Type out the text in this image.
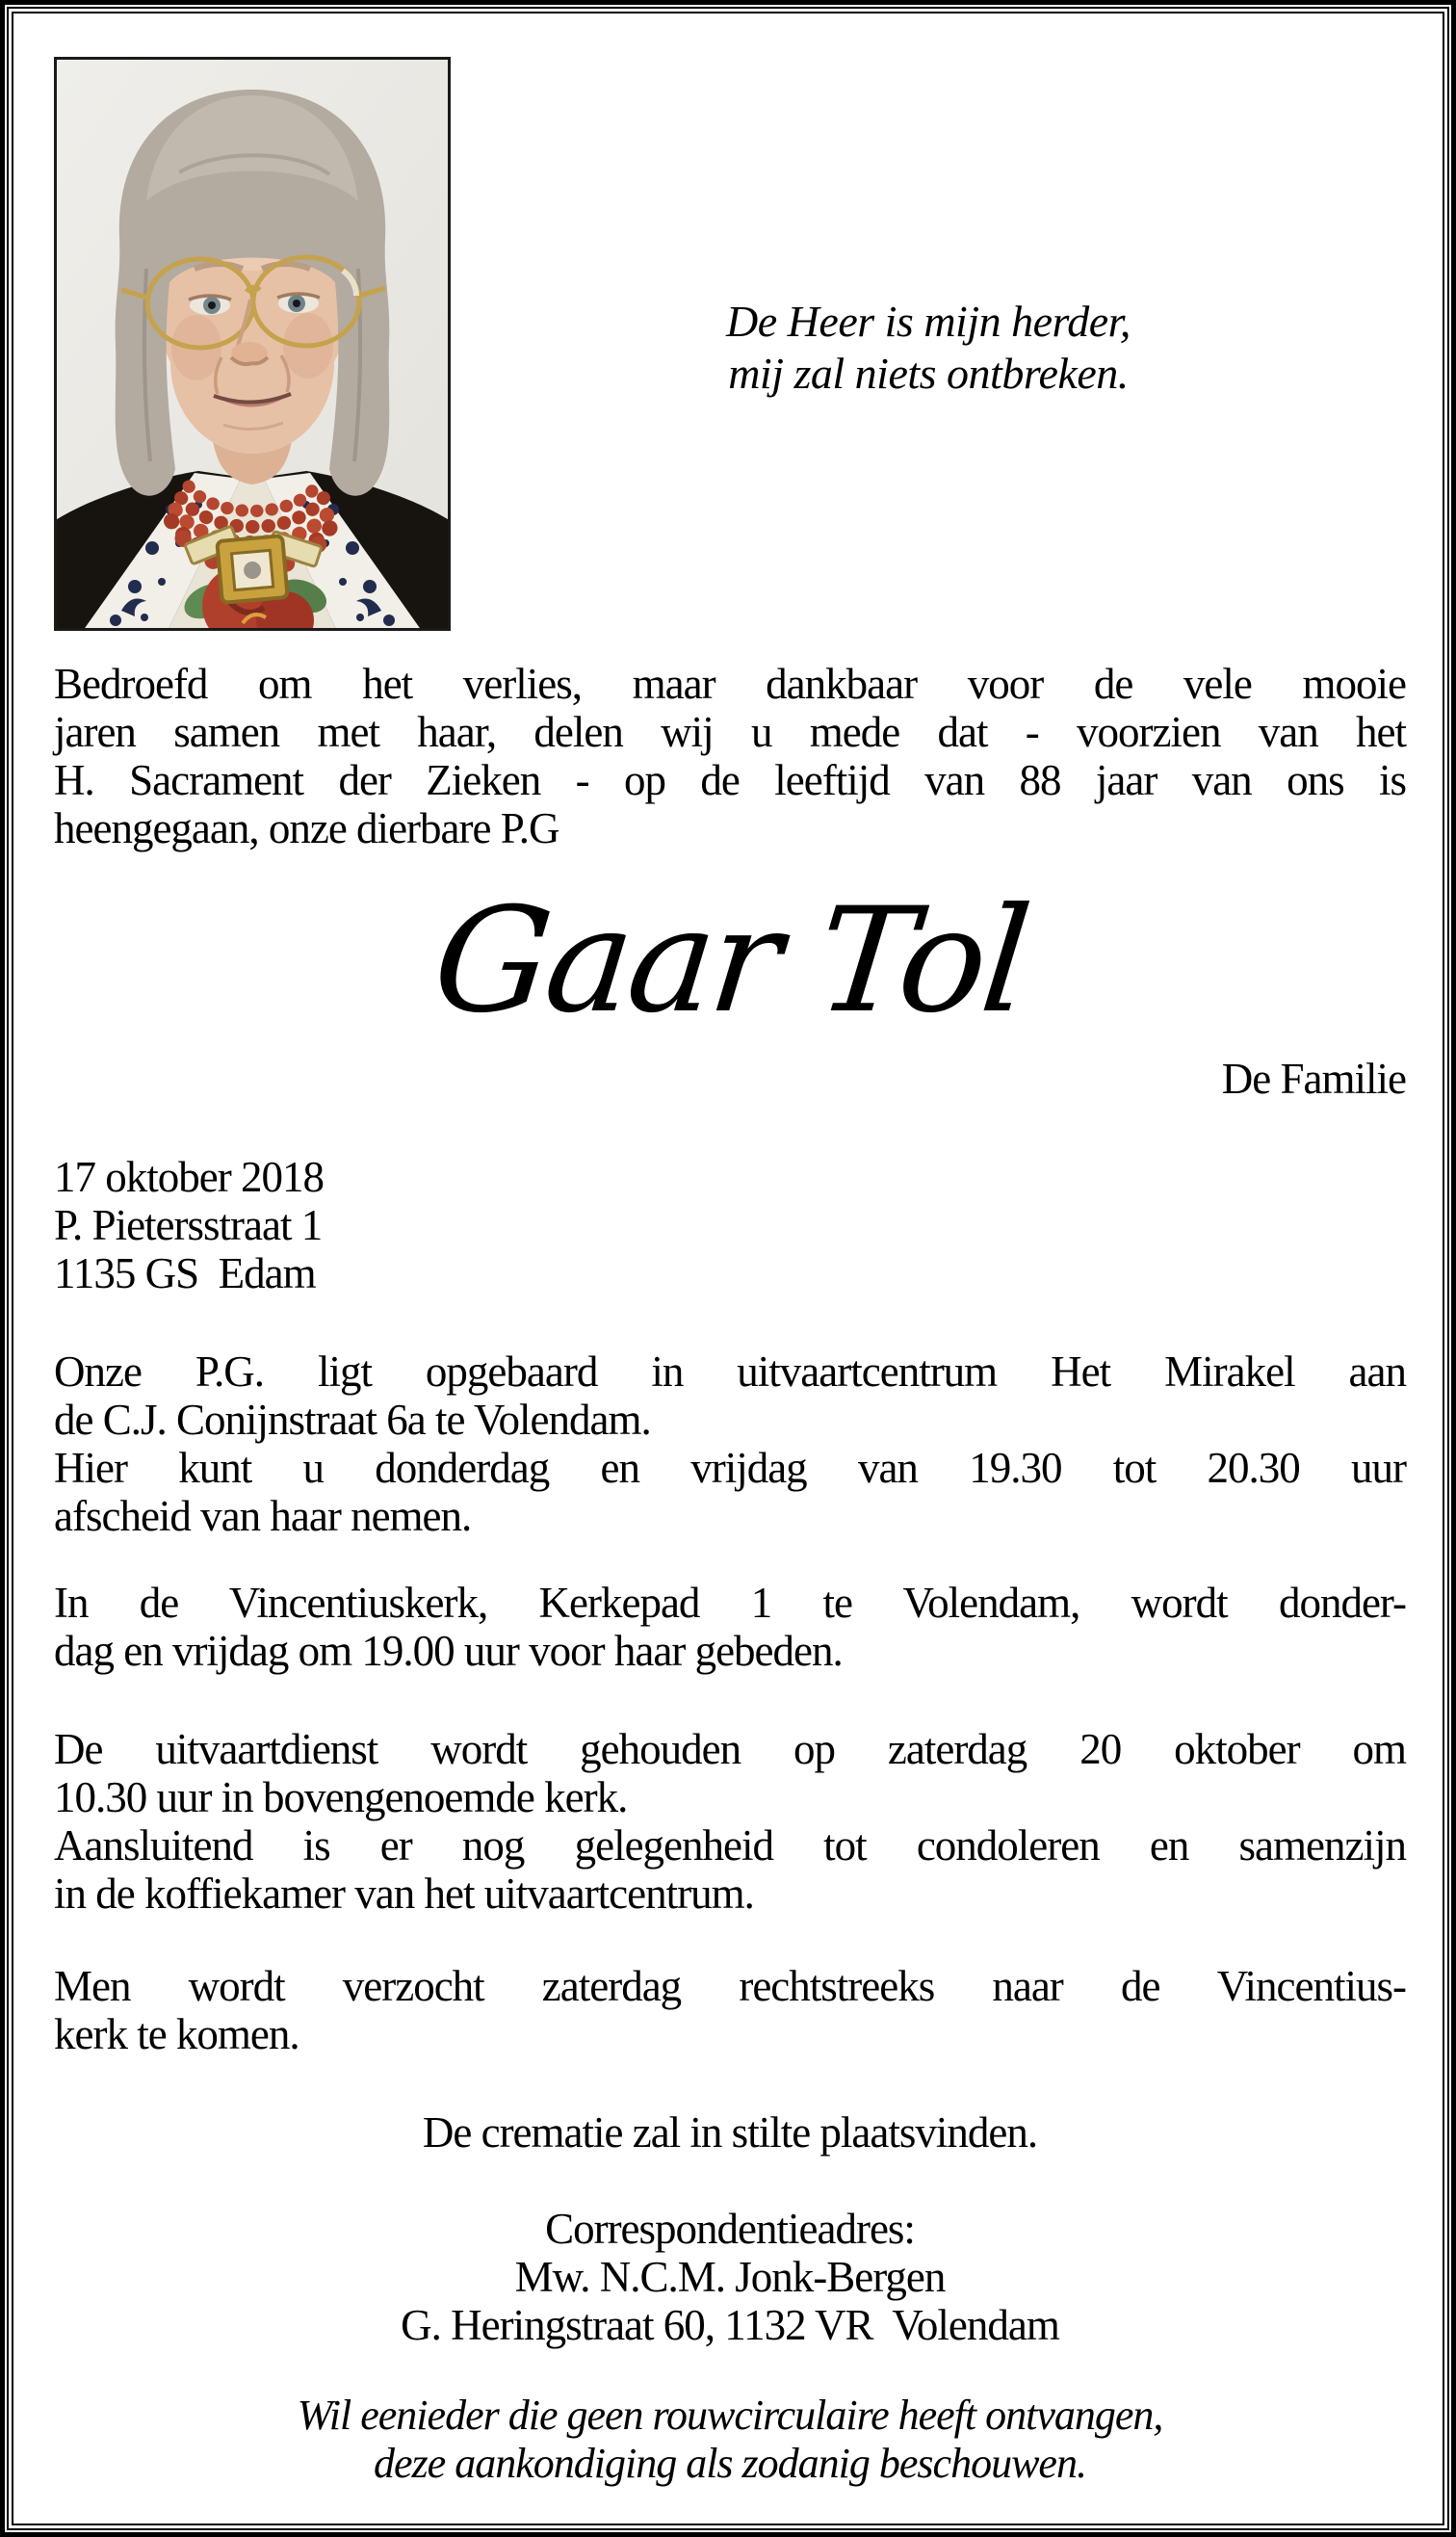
De Heer is mijn herder,
mij zal niets ontbreken.

Bedroefd om het verlies, maar dankbaar voor de vele mooie
jaren samen met haar, delen wij u mede dat - voorzien van het
H. Sacrament der Zieken - op de leeftijd van 88 jaar van ons is
heengegaan, onze dierbare P.G

Gaar Tol
De Familie
17 oktober 2018
P. Pietersstraat 1
1135 GS  Edam

Onze P.G. ligt opgebaard in uitvaartcentrum Het Mirakel aan
de C.J. Conijnstraat 6a te Volendam.
Hier kunt u donderdag en vrijdag van 19.30 tot 20.30 uur
afscheid van haar nemen.

In de Vincentiuskerk, Kerkepad 1 te Volendam, wordt donder-
dag en vrijdag om 19.00 uur voor haar gebeden.

De uitvaartdienst wordt gehouden op zaterdag 20 oktober om
10.30 uur in bovengenoemde kerk.
Aansluitend is er nog gelegenheid tot condoleren en samenzijn
in de koffiekamer van het uitvaartcentrum.

Men wordt verzocht zaterdag rechtstreeks naar de Vincentius-
kerk te komen.

De crematie zal in stilte plaatsvinden.
Correspondentieadres:
Mw. N.C.M. Jonk-Bergen
G. Heringstraat 60, 1132 VR  Volendam
Wil eenieder die geen rouwcirculaire heeft ontvangen,
deze aankondiging als zodanig beschouwen.
